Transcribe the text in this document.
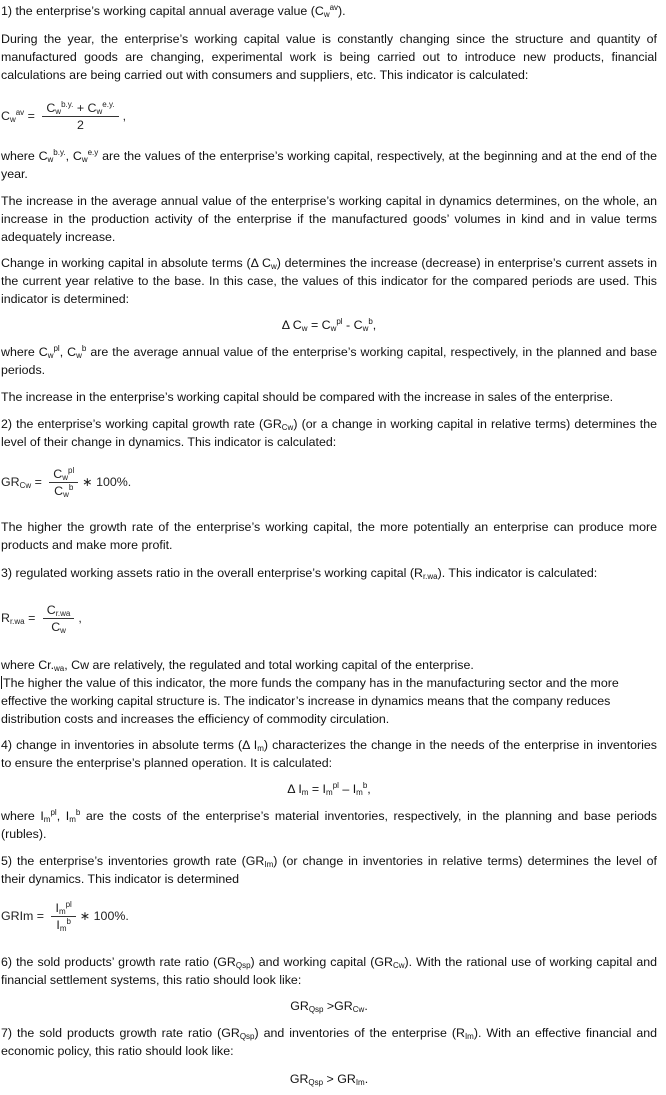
1) the enterprise’s working capital annual average value $(C_w^{av})$.

During the year, the enterprise’s working capital value is constantly changing since the structure and quantity of manufactured goods are changing, experimental work is being carried out to introduce new products, financial calculations are being carried out with consumers and suppliers, etc. This indicator is calculated:

$C_w^{av} = \frac{C_w^{b.y.} + C_w^{e.y.}}{2}$ ,

where $C_w^{b.y.}$, $C_w^{e.y}$ are the values of the enterprise’s working capital, respectively, at the beginning and at the end of the year.

The increase in the average annual value of the enterprise’s working capital in dynamics determines, on the whole, an increase in the production activity of the enterprise if the manufactured goods’ volumes in kind and in value terms adequately increase.

Change in working capital in absolute terms (Δ $C_w$) determines the increase (decrease) in enterprise’s current assets in the current year relative to the base. In this case, the values of this indicator for the compared periods are used. This indicator is determined:

Δ $C_w = C_w^{pl} - C_w^b$,

where $C_w^{pl}$, $C_w^b$ are the average annual value of the enterprise’s working capital, respectively, in the planned and base periods.

The increase in the enterprise’s working capital should be compared with the increase in sales of the enterprise.

2) the enterprise’s working capital growth rate $(GR_{Cw})$ (or a change in working capital in relative terms) determines the level of their change in dynamics. This indicator is calculated:

$GR_{Cw} = \frac{C_w^{pl}}{C_w^b}$ ∗ 100%.

The higher the growth rate of the enterprise’s working capital, the more potentially an enterprise can produce more products and make more profit.

3) regulated working assets ratio in the overall enterprise’s working capital $(R_{r.wa})$. This indicator is calculated:

$R_{r.wa} = \frac{C_{r.wa}}{C_w}$ ,

where $Cr._{wa}$, Cw are relatively, the regulated and total working capital of the enterprise.

The higher the value of this indicator, the more funds the company has in the manufacturing sector and the more effective the working capital structure is. The indicator’s increase in dynamics means that the company reduces distribution costs and increases the efficiency of commodity circulation.

4) change in inventories in absolute terms (Δ $I_m$) characterizes the change in the needs of the enterprise in inventories to ensure the enterprise’s planned operation. It is calculated:

Δ $I_m = I_m^{pl} - I_m^b$,

where $I_m^{pl}$, $I_m^b$ are the costs of the enterprise’s material inventories, respectively, in the planning and base periods (rubles).

5) the enterprise’s inventories growth rate $(GR_{Im})$ (or change in inventories in relative terms) determines the level of their dynamics. This indicator is determined

GRIm = $\frac{I_m^{pl}}{I_m^b}$ ∗ 100%.

6) the sold products’ growth rate ratio $(GR_{Qsp})$ and working capital $(GR_{Cw})$. With the rational use of working capital and financial settlement systems, this ratio should look like:

$GR_{Qsp} >GR_{Cw}$.

7) the sold products growth rate ratio $(GR_{Qsp})$ and inventories of the enterprise $(R_{Im})$. With an effective financial and economic policy, this ratio should look like:

$GR_{Qsp} > GR_{Im}$.
